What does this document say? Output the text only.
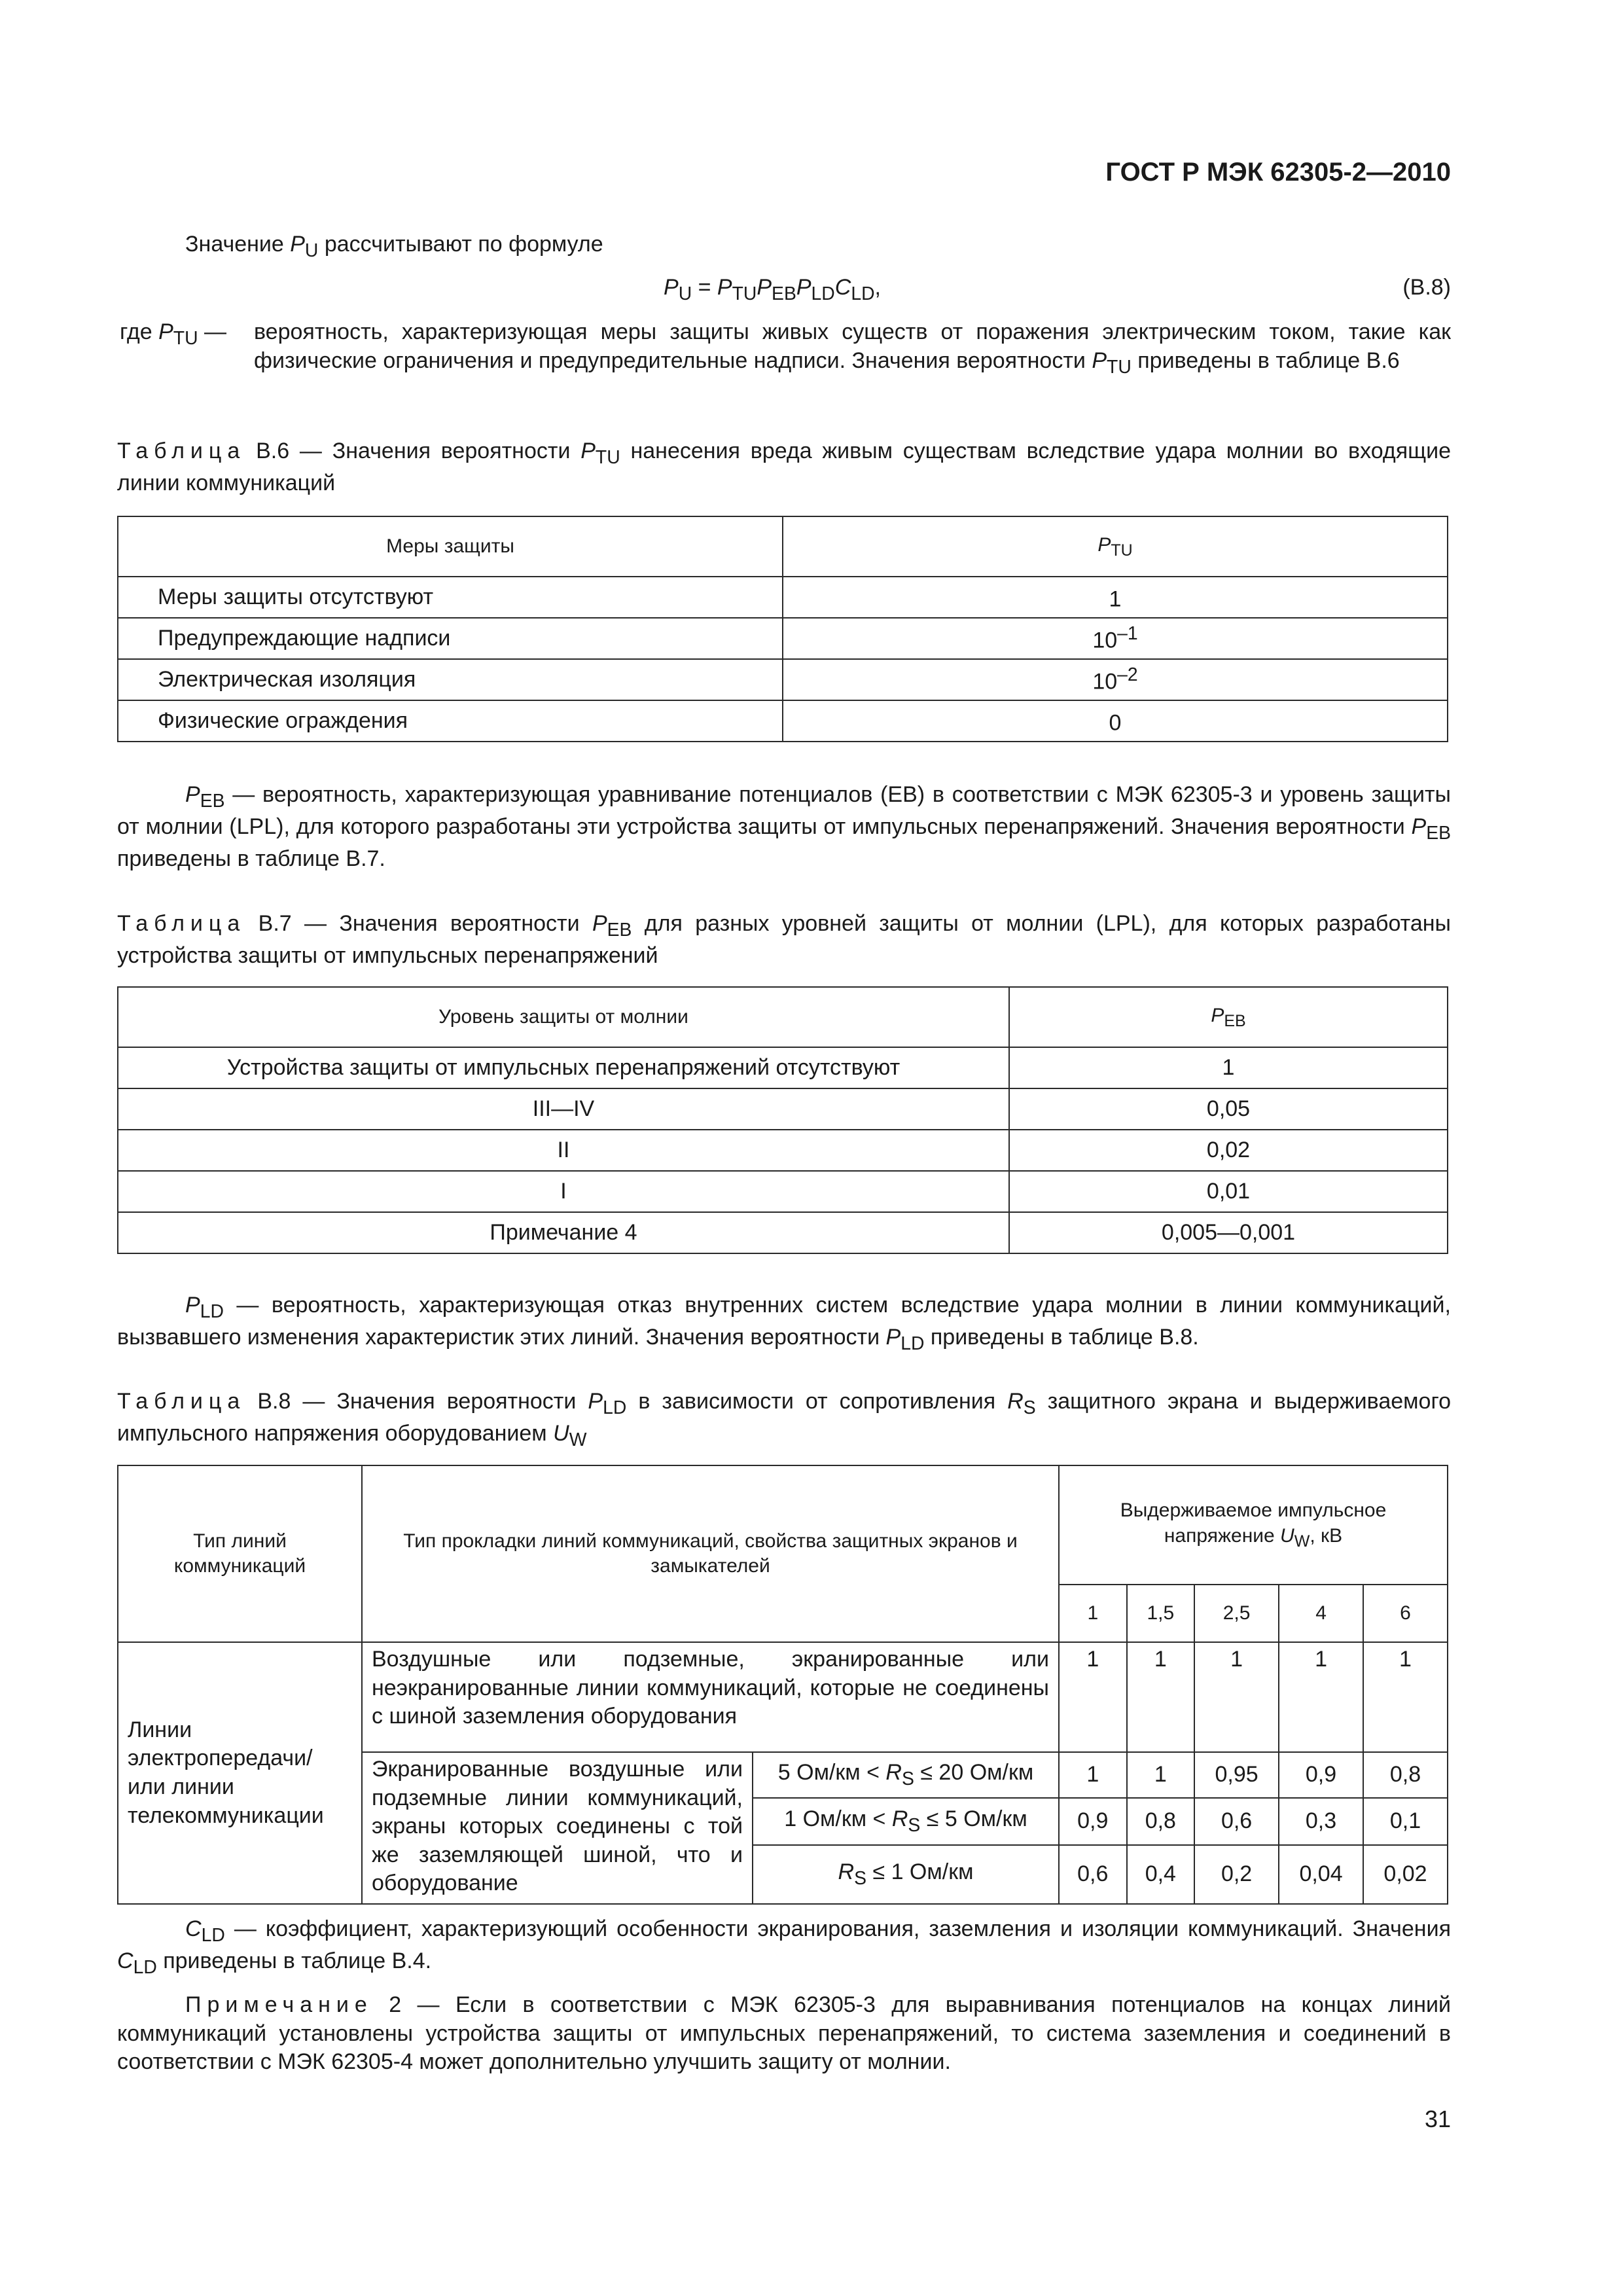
ГОСТ Р МЭК 62305-2—2010
Значение $P_U$ рассчитывают по формуле
$P_U = P_{TU}P_{EB}P_{LD}C_{LD}$,	(B.8)
где $P_{TU}$ — вероятность, характеризующая меры защиты живых существ от поражения электрическим током, такие как физические ограничения и предупредительные надписи. Значения вероятности $P_{TU}$ приведены в таблице B.6
Таблица B.6 — Значения вероятности $P_{TU}$ нанесения вреда живым существам вследствие удара молнии во входящие линии коммуникаций
Меры защиты	$P_{TU}$
Меры защиты отсутствуют	1
Предупреждающие надписи	$10^{-1}$
Электрическая изоляция	$10^{-2}$
Физические ограждения	0
$P_{EB}$ — вероятность, характеризующая уравнивание потенциалов (ЕВ) в соответствии с МЭК 62305-3 и уровень защиты от молнии (LPL), для которого разработаны эти устройства защиты от импульсных перенапряжений. Значения вероятности $P_{EB}$ приведены в таблице B.7.
Таблица B.7 — Значения вероятности $P_{EB}$ для разных уровней защиты от молнии (LPL), для которых разработаны устройства защиты от импульсных перенапряжений
Уровень защиты от молнии	$P_{EB}$
Устройства защиты от импульсных перенапряжений отсутствуют	1
III—IV	0,05
II	0,02
I	0,01
Примечание 4	0,005—0,001
$P_{LD}$ — вероятность, характеризующая отказ внутренних систем вследствие удара молнии в линии коммуникаций, вызвавшего изменения характеристик этих линий. Значения вероятности $P_{LD}$ приведены в таблице B.8.
Таблица B.8 — Значения вероятности $P_{LD}$ в зависимости от сопротивления $R_S$ защитного экрана и выдерживаемого импульсного напряжения оборудованием $U_W$
Тип линий коммуникаций	Тип прокладки линий коммуникаций, свойства защитных экранов и замыкателей		Выдерживаемое импульсное напряжение $U_W$, кВ				
			1	1,5	2,5	4	6
Линии электропередачи/ или линии телекоммуникации	Воздушные или подземные, экранированные или неэкранированные линии коммуникаций, которые не соединены с шиной заземления оборудования		1	1	1	1	1
	Экранированные воздушные или подземные линии коммуникаций, экраны которых соединены с той же заземляющей шиной, что и оборудование	5 $Ом/км < R_S \le 20$ Ом/км	1	1	0,95	0,9	0,8
		1 $Ом/км < R_S \le 5$ Ом/км	0,9	0,8	0,6	0,3	0,1
		$R_S \le 1$ Ом/км	0,6	0,4	0,2	0,04	0,02
$C_{LD}$ — коэффициент, характеризующий особенности экранирования, заземления и изоляции коммуникаций. Значения $C_{LD}$ приведены в таблице B.4.
Примечание 2 — Если в соответствии с МЭК 62305-3 для выравнивания потенциалов на концах линий коммуникаций установлены устройства защиты от импульсных перенапряжений, то система заземления и соединений в соответствии с МЭК 62305-4 может дополнительно улучшить защиту от молнии.
31
